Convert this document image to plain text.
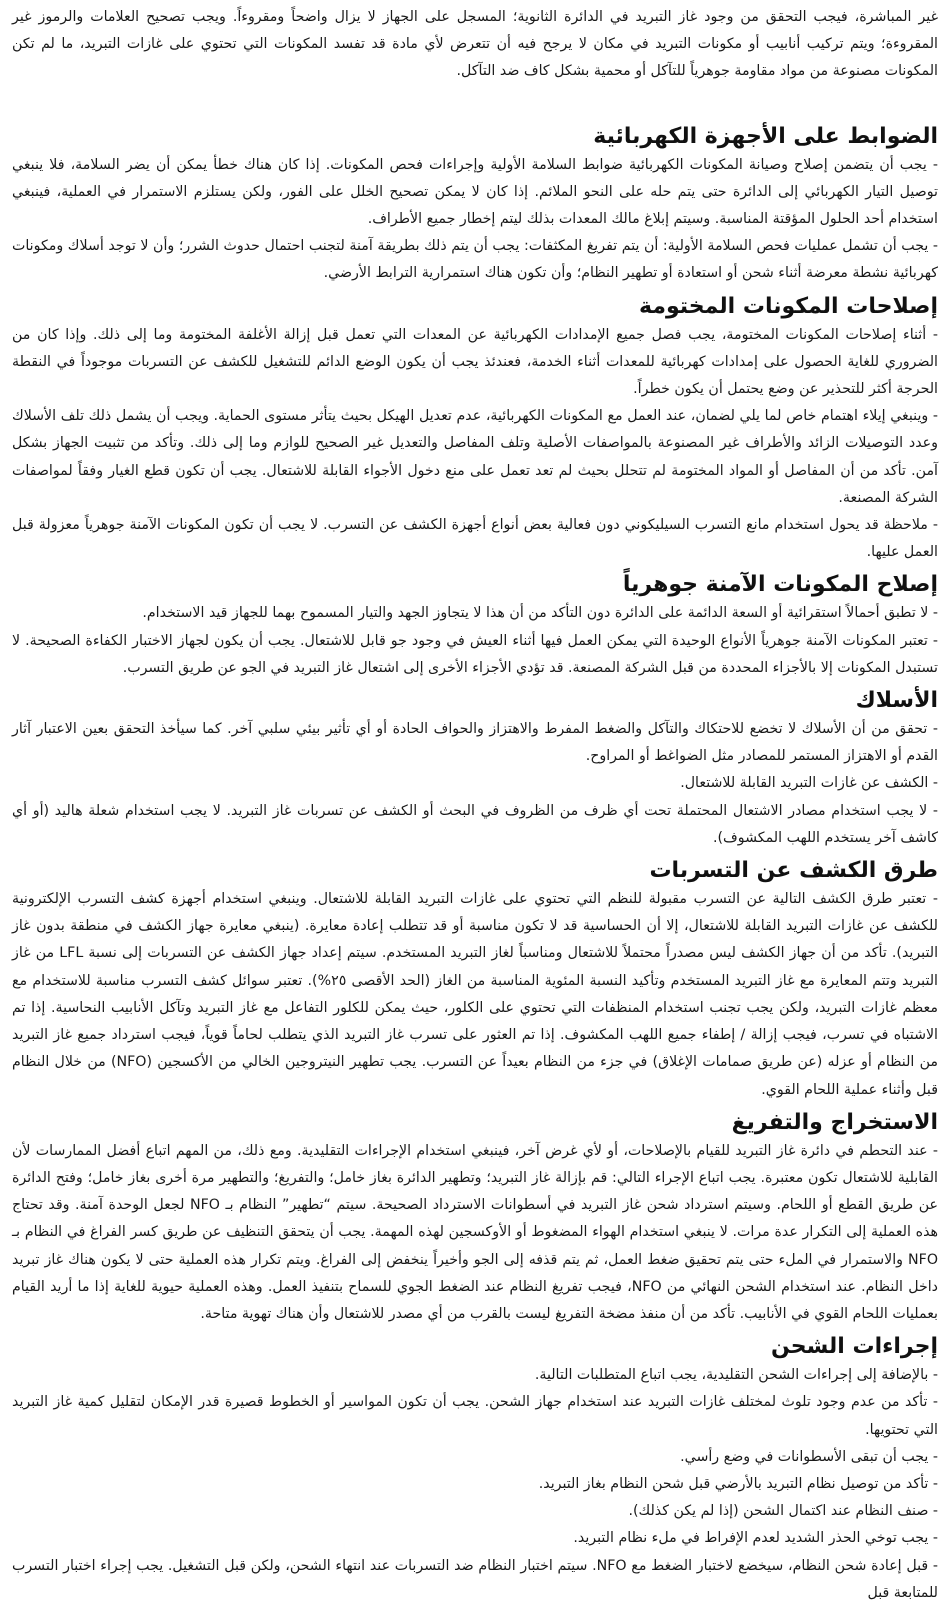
غير المباشرة، فيجب التحقق من وجود غاز التبريد في الدائرة الثانوية؛ المسجل على الجهاز لا يزال واضحاً ومقروءاً. ويجب تصحيح العلامات والرموز غير المقروءة؛ ويتم تركيب أنابيب أو مكونات التبريد في مكان لا يرجح فيه أن تتعرض لأي مادة قد تفسد المكونات التي تحتوي على غازات التبريد، ما لم تكن المكونات مصنوعة من مواد مقاومة جوهرياً للتآكل أو محمية بشكل كاف ضد التآكل.

الضوابط على الأجهزة الكهربائية

- يجب أن يتضمن إصلاح وصيانة المكونات الكهربائية ضوابط السلامة الأولية وإجراءات فحص المكونات. إذا كان هناك خطأ يمكن أن يضر السلامة، فلا ينبغي توصيل التيار الكهربائي إلى الدائرة حتى يتم حله على النحو الملائم. إذا كان لا يمكن تصحيح الخلل على الفور، ولكن يستلزم الاستمرار في العملية، فينبغي استخدام أحد الحلول المؤقتة المناسبة. وسيتم إبلاغ مالك المعدات بذلك ليتم إخطار جميع الأطراف.

- يجب أن تشمل عمليات فحص السلامة الأولية: أن يتم تفريغ المكثفات: يجب أن يتم ذلك بطريقة آمنة لتجنب احتمال حدوث الشرر؛ وأن لا توجد أسلاك ومكونات كهربائية نشطة معرضة أثناء شحن أو استعادة أو تطهير النظام؛ وأن تكون هناك استمرارية الترابط الأرضي.

إصلاحات المكونات المختومة

- أثناء إصلاحات المكونات المختومة، يجب فصل جميع الإمدادات الكهربائية عن المعدات التي تعمل قبل إزالة الأغلفة المختومة وما إلى ذلك. وإذا كان من الضروري للغاية الحصول على إمدادات كهربائية للمعدات أثناء الخدمة، فعندئذ يجب أن يكون الوضع الدائم للتشغيل للكشف عن التسربات موجوداً في النقطة الحرجة أكثر للتحذير عن وضع يحتمل أن يكون خطراً.

- وينبغي إيلاء اهتمام خاص لما يلي لضمان، عند العمل مع المكونات الكهربائية، عدم تعديل الهيكل بحيث يتأثر مستوى الحماية. ويجب أن يشمل ذلك تلف الأسلاك وعدد التوصيلات الزائد والأطراف غير المصنوعة بالمواصفات الأصلية وتلف المفاصل والتعديل غير الصحيح للوازم وما إلى ذلك. وتأكد من تثبيت الجهاز بشكل آمن. تأكد من أن المفاصل أو المواد المختومة لم تتحلل بحيث لم تعد تعمل على منع دخول الأجواء القابلة للاشتعال. يجب أن تكون قطع الغيار وفقاً لمواصفات الشركة المصنعة.

- ملاحظة قد يحول استخدام مانع التسرب السيليكوني دون فعالية بعض أنواع أجهزة الكشف عن التسرب. لا يجب أن تكون المكونات الآمنة جوهرياً معزولة قبل العمل عليها.

إصلاح المكونات الآمنة جوهرياً

- لا تطبق أحمالاً استقرائية أو السعة الدائمة على الدائرة دون التأكد من أن هذا لا يتجاوز الجهد والتيار المسموح بهما للجهاز قيد الاستخدام.

- تعتبر المكونات الآمنة جوهرياً الأنواع الوحيدة التي يمكن العمل فيها أثناء العيش في وجود جو قابل للاشتعال. يجب أن يكون لجهاز الاختبار الكفاءة الصحيحة. لا تستبدل المكونات إلا بالأجزاء المحددة من قبل الشركة المصنعة. قد تؤدي الأجزاء الأخرى إلى اشتعال غاز التبريد في الجو عن طريق التسرب.

الأسلاك

- تحقق من أن الأسلاك لا تخضع للاحتكاك والتآكل والضغط المفرط والاهتزاز والحواف الحادة أو أي تأثير بيئي سلبي آخر. كما سيأخذ التحقق بعين الاعتبار آثار القدم أو الاهتزاز المستمر للمصادر مثل الضواغط أو المراوح.

- الكشف عن غازات التبريد القابلة للاشتعال.

- لا يجب استخدام مصادر الاشتعال المحتملة تحت أي ظرف من الظروف في البحث أو الكشف عن تسربات غاز التبريد. لا يجب استخدام شعلة هاليد (أو أي كاشف آخر يستخدم اللهب المكشوف).

طرق الكشف عن التسربات

- تعتبر طرق الكشف التالية عن التسرب مقبولة للنظم التي تحتوي على غازات التبريد القابلة للاشتعال. وينبغي استخدام أجهزة كشف التسرب الإلكترونية للكشف عن غازات التبريد القابلة للاشتعال، إلا أن الحساسية قد لا تكون مناسبة أو قد تتطلب إعادة معايرة. (ينبغي معايرة جهاز الكشف في منطقة بدون غاز التبريد). تأكد من أن جهاز الكشف ليس مصدراً محتملاً للاشتعال ومناسباً لغاز التبريد المستخدم. سيتم إعداد جهاز الكشف عن التسربات إلى نسبة LFL من غاز التبريد وتتم المعايرة مع غاز التبريد المستخدم وتأكيد النسبة المئوية المناسبة من الغاز (الحد الأقصى ٢٥%). تعتبر سوائل كشف التسرب مناسبة للاستخدام مع معظم غازات التبريد، ولكن يجب تجنب استخدام المنظفات التي تحتوي على الكلور، حيث يمكن للكلور التفاعل مع غاز التبريد وتآكل الأنابيب النحاسية. إذا تم الاشتباه في تسرب، فيجب إزالة / إطفاء جميع اللهب المكشوف. إذا تم العثور على تسرب غاز التبريد الذي يتطلب لحاماً قوياً، فيجب استرداد جميع غاز التبريد من النظام أو عزله (عن طريق صمامات الإغلاق) في جزء من النظام بعيداً عن التسرب. يجب تطهير النيتروجين الخالي من الأكسجين (NFO) من خلال النظام قبل وأثناء عملية اللحام القوي.

الاستخراج والتفريغ

- عند التحطم في دائرة غاز التبريد للقيام بالإصلاحات، أو لأي غرض آخر، فينبغي استخدام الإجراءات التقليدية. ومع ذلك، من المهم اتباع أفضل الممارسات لأن القابلية للاشتعال تكون معتبرة. يجب اتباع الإجراء التالي: قم بإزالة غاز التبريد؛ وتطهير الدائرة بغاز خامل؛ والتفريغ؛ والتطهير مرة أخرى بغاز خامل؛ وفتح الدائرة عن طريق القطع أو اللحام. وسيتم استرداد شحن غاز التبريد في أسطوانات الاسترداد الصحيحة. سيتم “تطهير” النظام بـ NFO لجعل الوحدة آمنة. وقد تحتاج هذه العملية إلى التكرار عدة مرات. لا ينبغي استخدام الهواء المضغوط أو الأوكسجين لهذه المهمة. يجب أن يتحقق التنظيف عن طريق كسر الفراغ في النظام بـ NFO والاستمرار في الملء حتى يتم تحقيق ضغط العمل، ثم يتم قذفه إلى الجو وأخيراً ينخفض إلى الفراغ. ويتم تكرار هذه العملية حتى لا يكون هناك غاز تبريد داخل النظام. عند استخدام الشحن النهائي من NFO، فيجب تفريغ النظام عند الضغط الجوي للسماح بتنفيذ العمل. وهذه العملية حيوية للغاية إذا ما أريد القيام بعمليات اللحام القوي في الأنابيب. تأكد من أن منفذ مضخة التفريغ ليست بالقرب من أي مصدر للاشتعال وأن هناك تهوية متاحة.

إجراءات الشحن

- بالإضافة إلى إجراءات الشحن التقليدية، يجب اتباع المتطلبات التالية.

- تأكد من عدم وجود تلوث لمختلف غازات التبريد عند استخدام جهاز الشحن. يجب أن تكون المواسير أو الخطوط قصيرة قدر الإمكان لتقليل كمية غاز التبريد التي تحتويها.

- يجب أن تبقى الأسطوانات في وضع رأسي.

- تأكد من توصيل نظام التبريد بالأرضي قبل شحن النظام بغاز التبريد.

- صنف النظام عند اكتمال الشحن (إذا لم يكن كذلك).

- يجب توخي الحذر الشديد لعدم الإفراط في ملء نظام التبريد.

- قبل إعادة شحن النظام، سيخضع لاختبار الضغط مع NFO. سيتم اختبار النظام ضد التسربات عند انتهاء الشحن، ولكن قبل التشغيل. يجب إجراء اختبار التسرب للمتابعة قبل
